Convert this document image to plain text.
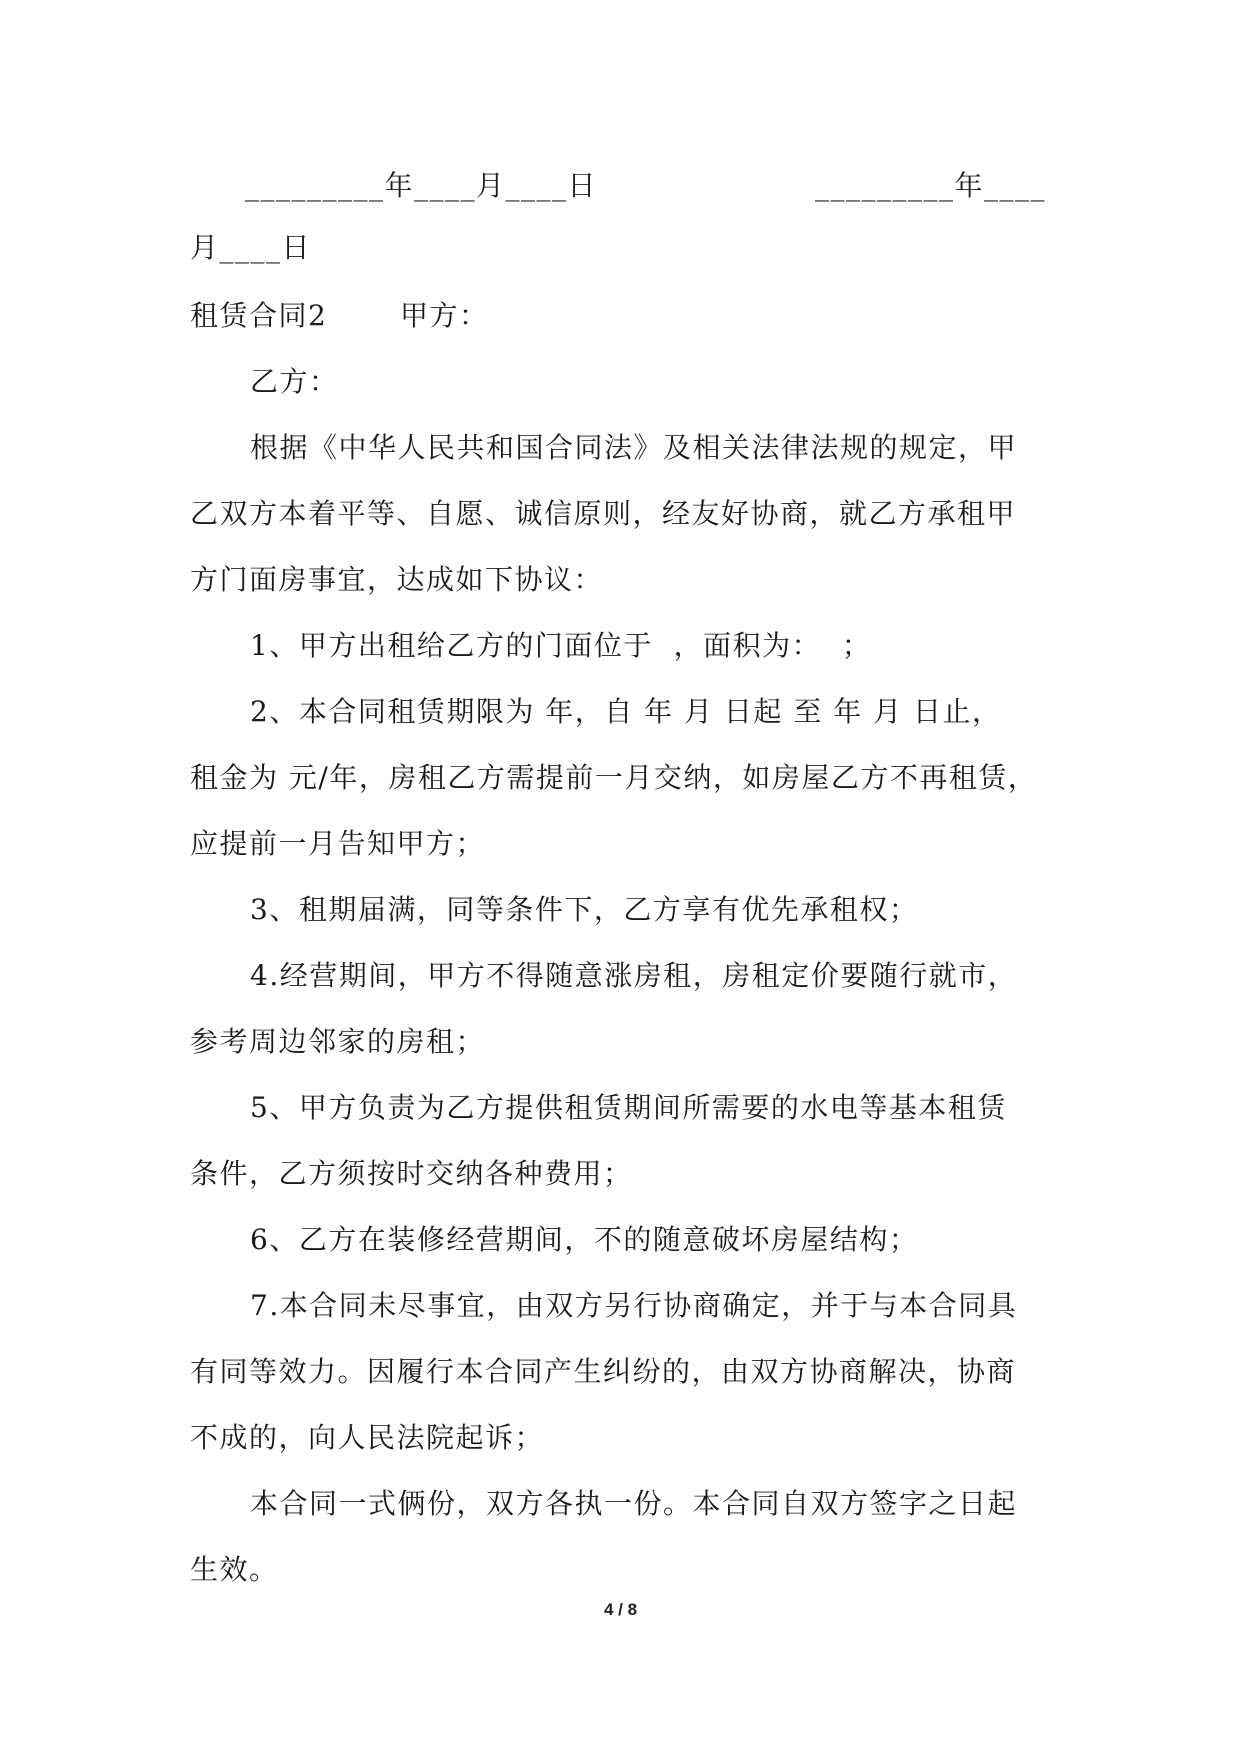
_________年____月____日	_________年____
月____日
租赁合同2	甲方：
乙方：
根据《中华人民共和国合同法》及相关法律法规的规定，甲
乙双方本着平等、自愿、诚信原则，经友好协商，就乙方承租甲
方门面房事宜，达成如下协议：
1、甲方出租给乙方的门面位于  ，面积为：  ；
2、本合同租赁期限为 年，自 年 月 日起 至 年 月 日止，
租金为 元/年，房租乙方需提前一月交纳，如房屋乙方不再租赁，
应提前一月告知甲方；
3、租期届满，同等条件下，乙方享有优先承租权；
4.经营期间，甲方不得随意涨房租，房租定价要随行就市，
参考周边邻家的房租；
5、甲方负责为乙方提供租赁期间所需要的水电等基本租赁
条件，乙方须按时交纳各种费用；
6、乙方在装修经营期间，不的随意破坏房屋结构；
7.本合同未尽事宜，由双方另行协商确定，并于与本合同具
有同等效力。因履行本合同产生纠纷的，由双方协商解决，协商
不成的，向人民法院起诉；
本合同一式俩份，双方各执一份。本合同自双方签字之日起
生效。
4 / 8
